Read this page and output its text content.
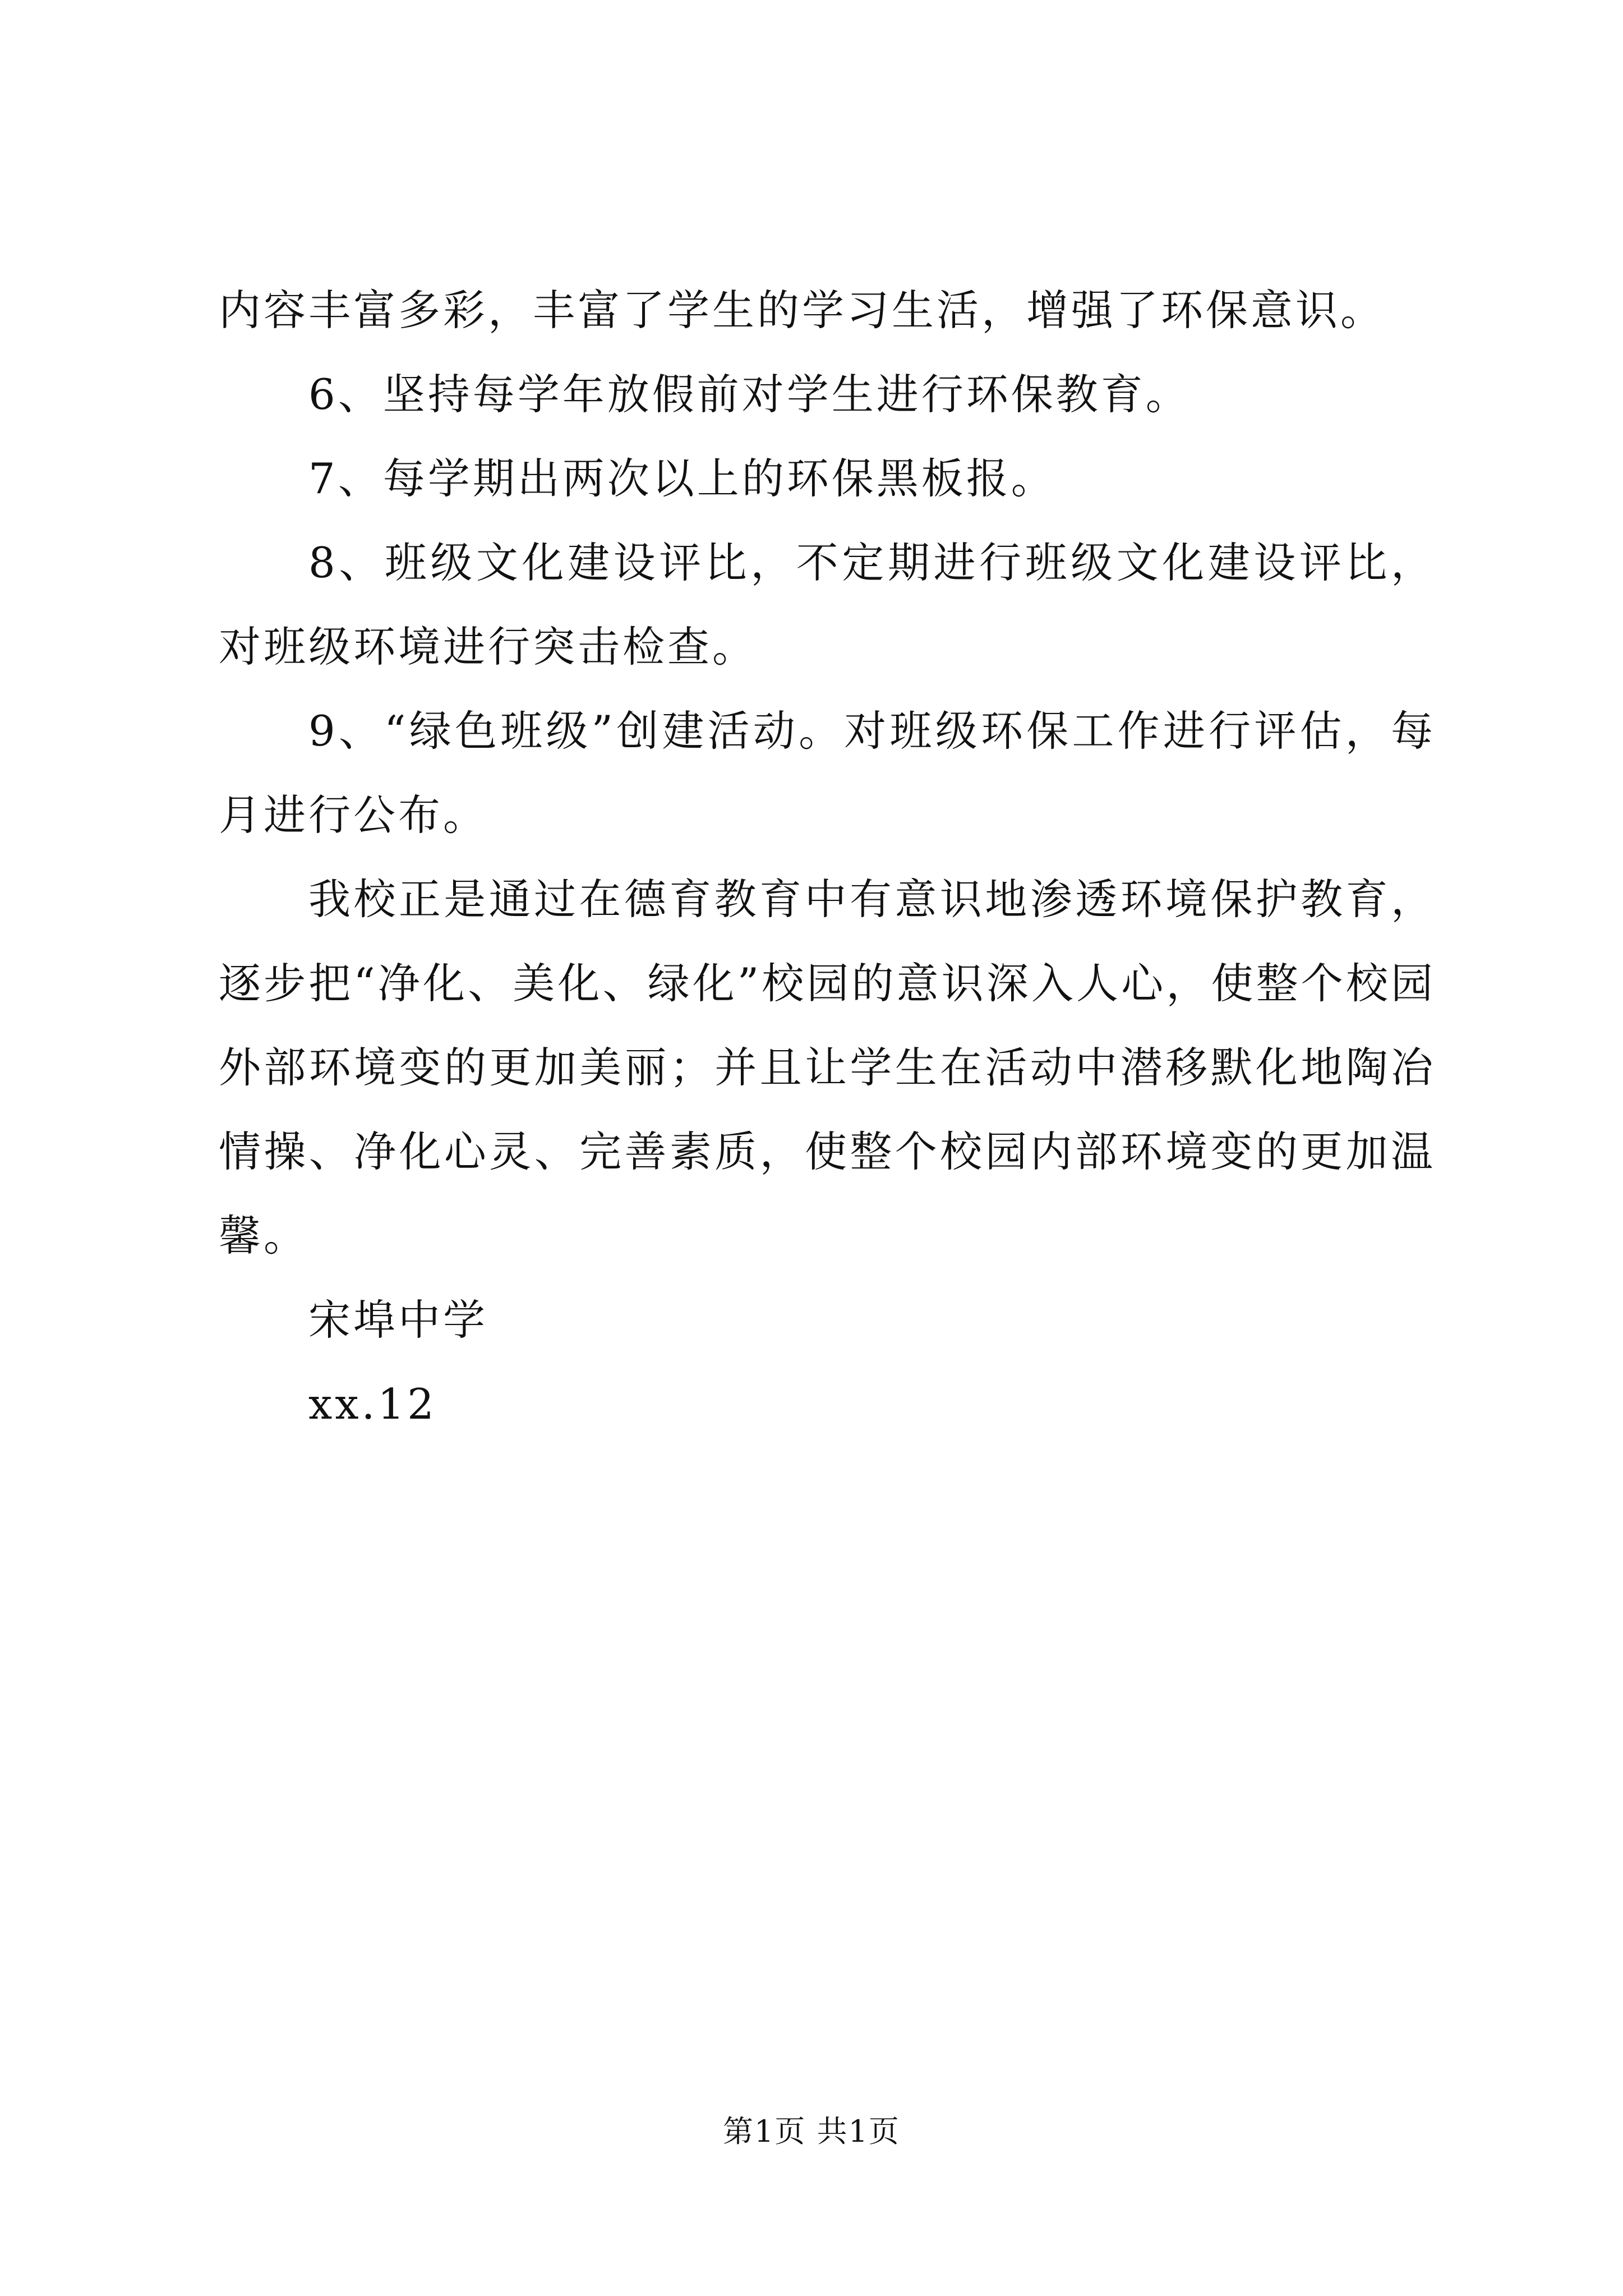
内容丰富多彩，丰富了学生的学习生活，增强了环保意识。

6、坚持每学年放假前对学生进行环保教育。

7、每学期出两次以上的环保黑板报。

8、班级文化建设评比，不定期进行班级文化建设评比，对班级环境进行突击检查。

9、“绿色班级”创建活动。对班级环保工作进行评估，每月进行公布。

我校正是通过在德育教育中有意识地渗透环境保护教育，逐步把“净化、美化、绿化”校园的意识深入人心，使整个校园外部环境变的更加美丽；并且让学生在活动中潜移默化地陶冶情操、净化心灵、完善素质，使整个校园内部环境变的更加温馨。

宋埠中学

xx.12

第1页 共1页
